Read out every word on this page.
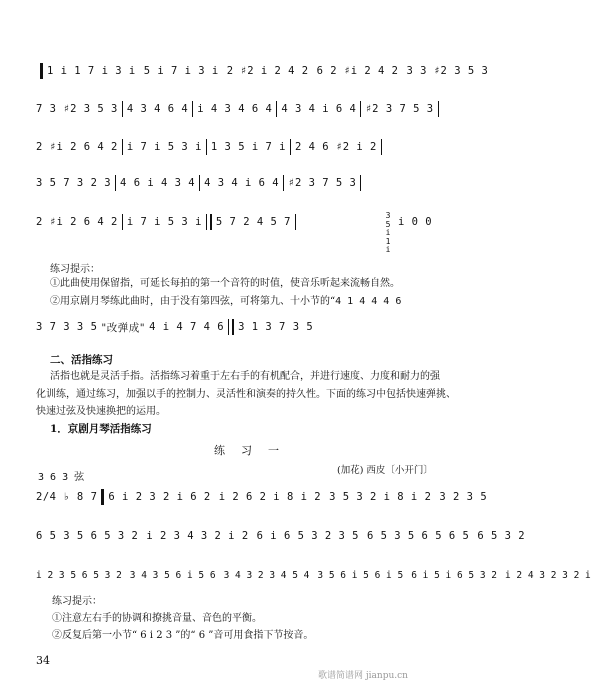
1 i 1 7 i 3 i 5 i 7 i 3 i 2 ♯2 i 2 4 2 6 2 ♯i 2 4 2 3 3 ♯2 3 5 3
7 3 ♯2 3 5 3 4 3 4 6 4 i 4 3 4 6 4 4 3 4 i 6 4 ♯2 3 7 5 3
2 ♯i 2 6 4 2 i 7 i 5 3 i 1 3 5 i 7 i 2 4 6 ♯2 i 2
3 5 7 3 2 3 4 6 i 4 3 4 4 3 4 i 6 4 ♯2 3 7 5 3
2 ♯i 2 6 4 2 i 7 i 5 3 i 5 7 2 4 5 7	i 0 0
3 5 i 1 i
练习提示：
①此曲使用保留指，可延长每拍的第一个音符的时值，使音乐听起来流畅自然。
②用京剧月琴练此曲时，由于没有第四弦，可将第九、十小节的“4 1 4 4 4 6
3 7 3 3 5 "改弹成" 4 i 4 7 4 6 3 1 3 7 3 5
二、活指练习
活指也就是灵活手指。活指练习着重于左右手的有机配合，并进行速度、力度和耐力的强
化训练，通过练习，加强以手的控制力、灵活性和演奏的持久性。下面的练习中包括快速弹挑、
快速过弦及快速换把的运用。
1．京剧月琴活指练习
练习一
(加花) 西皮〔小开门〕
3 6 3 弦
2/4 ♭ 8 7 6 i 2 3 2 i 6 2 i 2 6 2 i 8 i 2 3 5 3 2 i 8 i 2 3 2 3 5
6 5 3 5 6 5 3 2 i 2 3 4 3 2 i 2 6 i 6 5 3 2 3 5 6 5 3 5 6 5 6 5 6 5 3 2
i 2 3 5 6 5 3 2 3 4 3 5 6 i 5 6 3 4 3 2 3 4 5 4 3 5 6 i 5 6 i 5 6 i 5 i 6 5 3 2 i 2 4 3 2 3 2 i
练习提示：
①注意左右手的协调和撩挑音量、音色的平衡。
②反复后第一小节“ 6 i 2 3 ”的“ 6 ”音可用食指下节按音。
34
歌谱简谱网 jianpu.cn
